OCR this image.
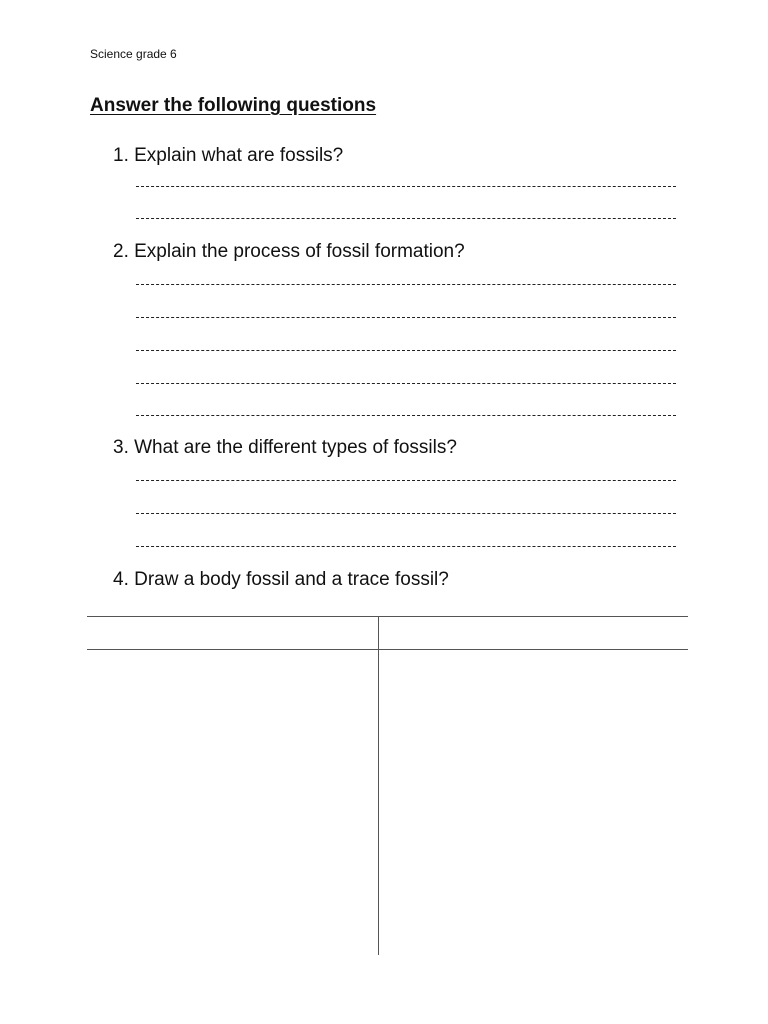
Science grade 6
Answer the following questions
1. Explain what are fossils?
2. Explain the process of fossil formation?
3. What are the different types of fossils?
4. Draw a body fossil and a trace fossil?
